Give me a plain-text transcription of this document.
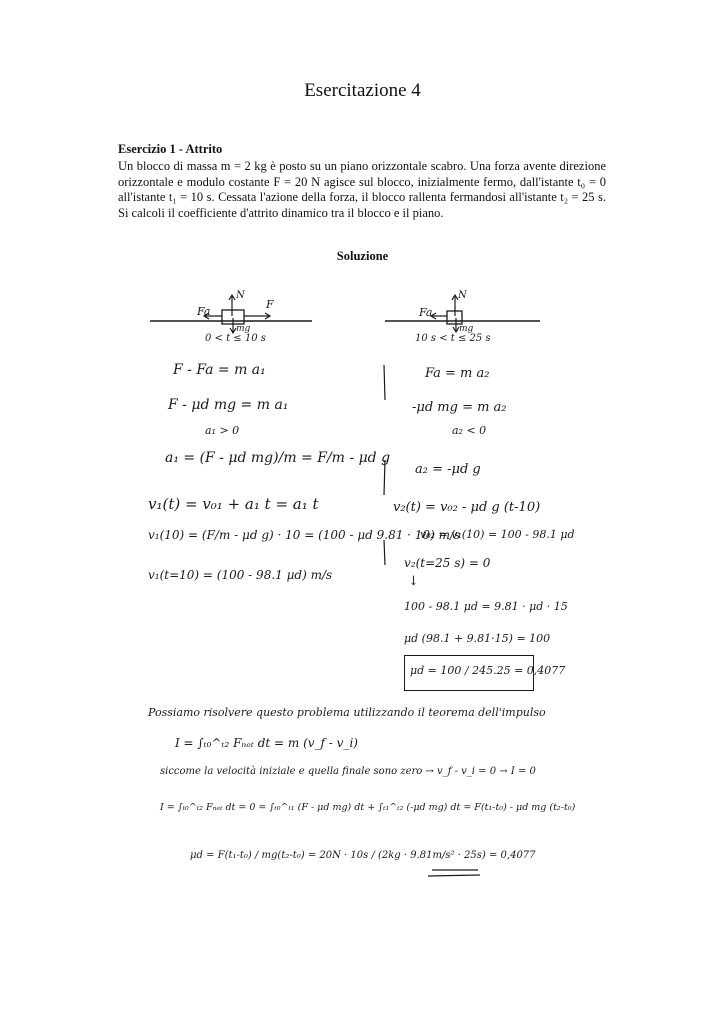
Esercitazione 4
Esercizio 1 - Attrito
Un blocco di massa m = 2 kg è posto su un piano orizzontale scabro. Una forza avente direzione orizzontale e modulo costante F = 20 N agisce sul blocco, inizialmente fermo, dall'istante t₀ = 0 all'istante t₁ = 10 s. Cessata l'azione della forza, il blocco rallenta fermandosi all'istante t₂ = 25 s. Si calcoli il coefficiente d'attrito dinamico tra il blocco e il piano.
Soluzione
Fa
N
F
mg
0 < t ≤ 10 s
Fa
N
mg
10 s < t ≤ 25 s
F - Fa = m a₁
F - μd mg = m a₁
a₁ > 0
a₁ = (F - μd mg)/m = F/m - μd g
v₁(t) = v₀₁ + a₁ t = a₁ t
v₁(10) = (F/m - μd g) · 10 = (100 - μd 9.81 · 10) m/s
v₁(t=10) = (100 - 98.1 μd) m/s
Fa = m a₂
-μd mg = m a₂
a₂ < 0
a₂ = -μd g
v₂(t) = v₀₂ - μd g (t-10)
v₀₂ = v₁(10) = 100 - 98.1 μd
v₂(t=25 s) = 0
↓
100 - 98.1 μd = 9.81 · μd · 15
μd (98.1 + 9.81·15) = 100
μd = 100 / 245.25 = 0,4077
Possiamo risolvere questo problema utilizzando il teorema dell'impulso
I = ∫ₜ₀^ₜ₂ Fₙₑₜ dt = m (v_f - v_i)
siccome la velocità iniziale e quella finale sono zero → v_f - v_i = 0 → I = 0
I = ∫ₜ₀^ₜ₂ Fₙₑₜ dt = 0 = ∫ₜ₀^ₜ₁ (F - μd mg) dt + ∫ₜ₁^ₜ₂ (-μd mg) dt = F(t₁-t₀) - μd mg (t₂-t₀)
μd = F(t₁-t₀) / mg(t₂-t₀) = 20N · 10s / (2kg · 9.81m/s² · 25s) = 0,4077
